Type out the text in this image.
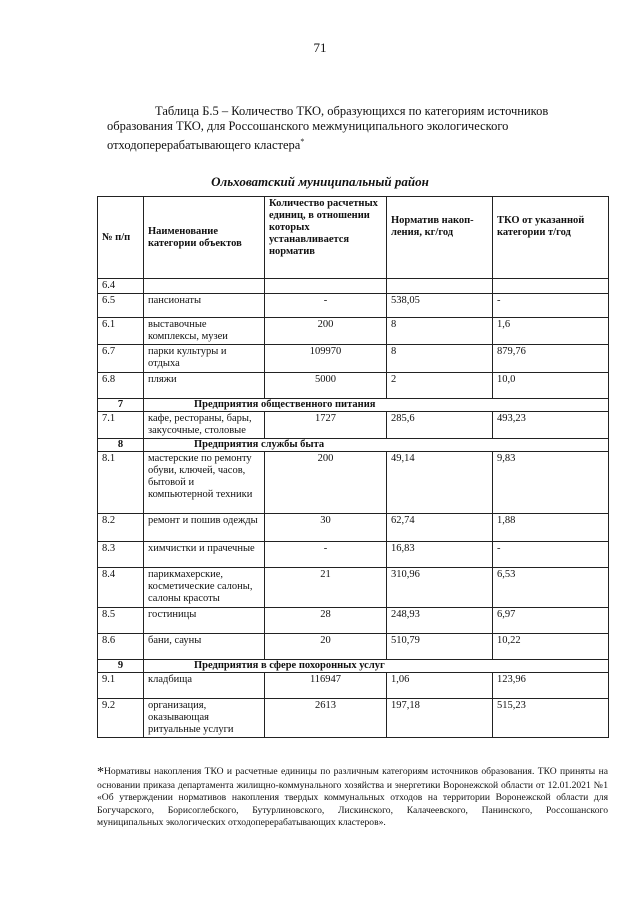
71
Таблица Б.5 – Количество ТКО, образующихся по категориям источников
образования ТКО, для Россошанского межмуниципального экологического
отходоперерабатывающего кластера*
Ольховатский муниципальный район
№ п/п	Наименование категории объектов	Количество расчетных единиц, в отношении которых устанавливается норматив	Норматив накоп-ления, кг/год	ТКО от указанной категории т/год
6.4				
6.5	пансионаты	-	538,05	-
6.1	выставочные комплексы, музеи	200	8	1,6
6.7	парки культуры и отдыха	109970	8	879,76
6.8	пляжи	5000	2	10,0
7	Предприятия общественного питания			
7.1	кафе, рестораны, бары, закусочные, столовые	1727	285,6	493,23
8	Предприятия службы быта			
8.1	мастерские по ремонту обуви, ключей, часов, бытовой и компьютерной техники	200	49,14	9,83
8.2	ремонт и пошив одежды	30	62,74	1,88
8.3	химчистки и прачечные	-	16,83	-
8.4	парикмахерские, косметические салоны, салоны красоты	21	310,96	6,53
8.5	гостиницы	28	248,93	6,97
8.6	бани, сауны	20	510,79	10,22
9	Предприятия в сфере похоронных услуг			
9.1	кладбища	116947	1,06	123,96
9.2	организация, оказывающая ритуальные услуги	2613	197,18	515,23
*Нормативы накопления ТКО и расчетные единицы по различным категориям источников образования. ТКО приняты на основании приказа департамента жилищно-коммунального хозяйства и энергетики Воронежской области от 12.01.2021 №1 «Об утверждении нормативов накопления твердых коммунальных отходов на территории Воронежской области для Богучарского, Борисоглебского, Бутурлиновского, Лискинского, Калачеевского, Панинского, Россошанского муниципальных экологических отходоперерабатывающих кластеров».
